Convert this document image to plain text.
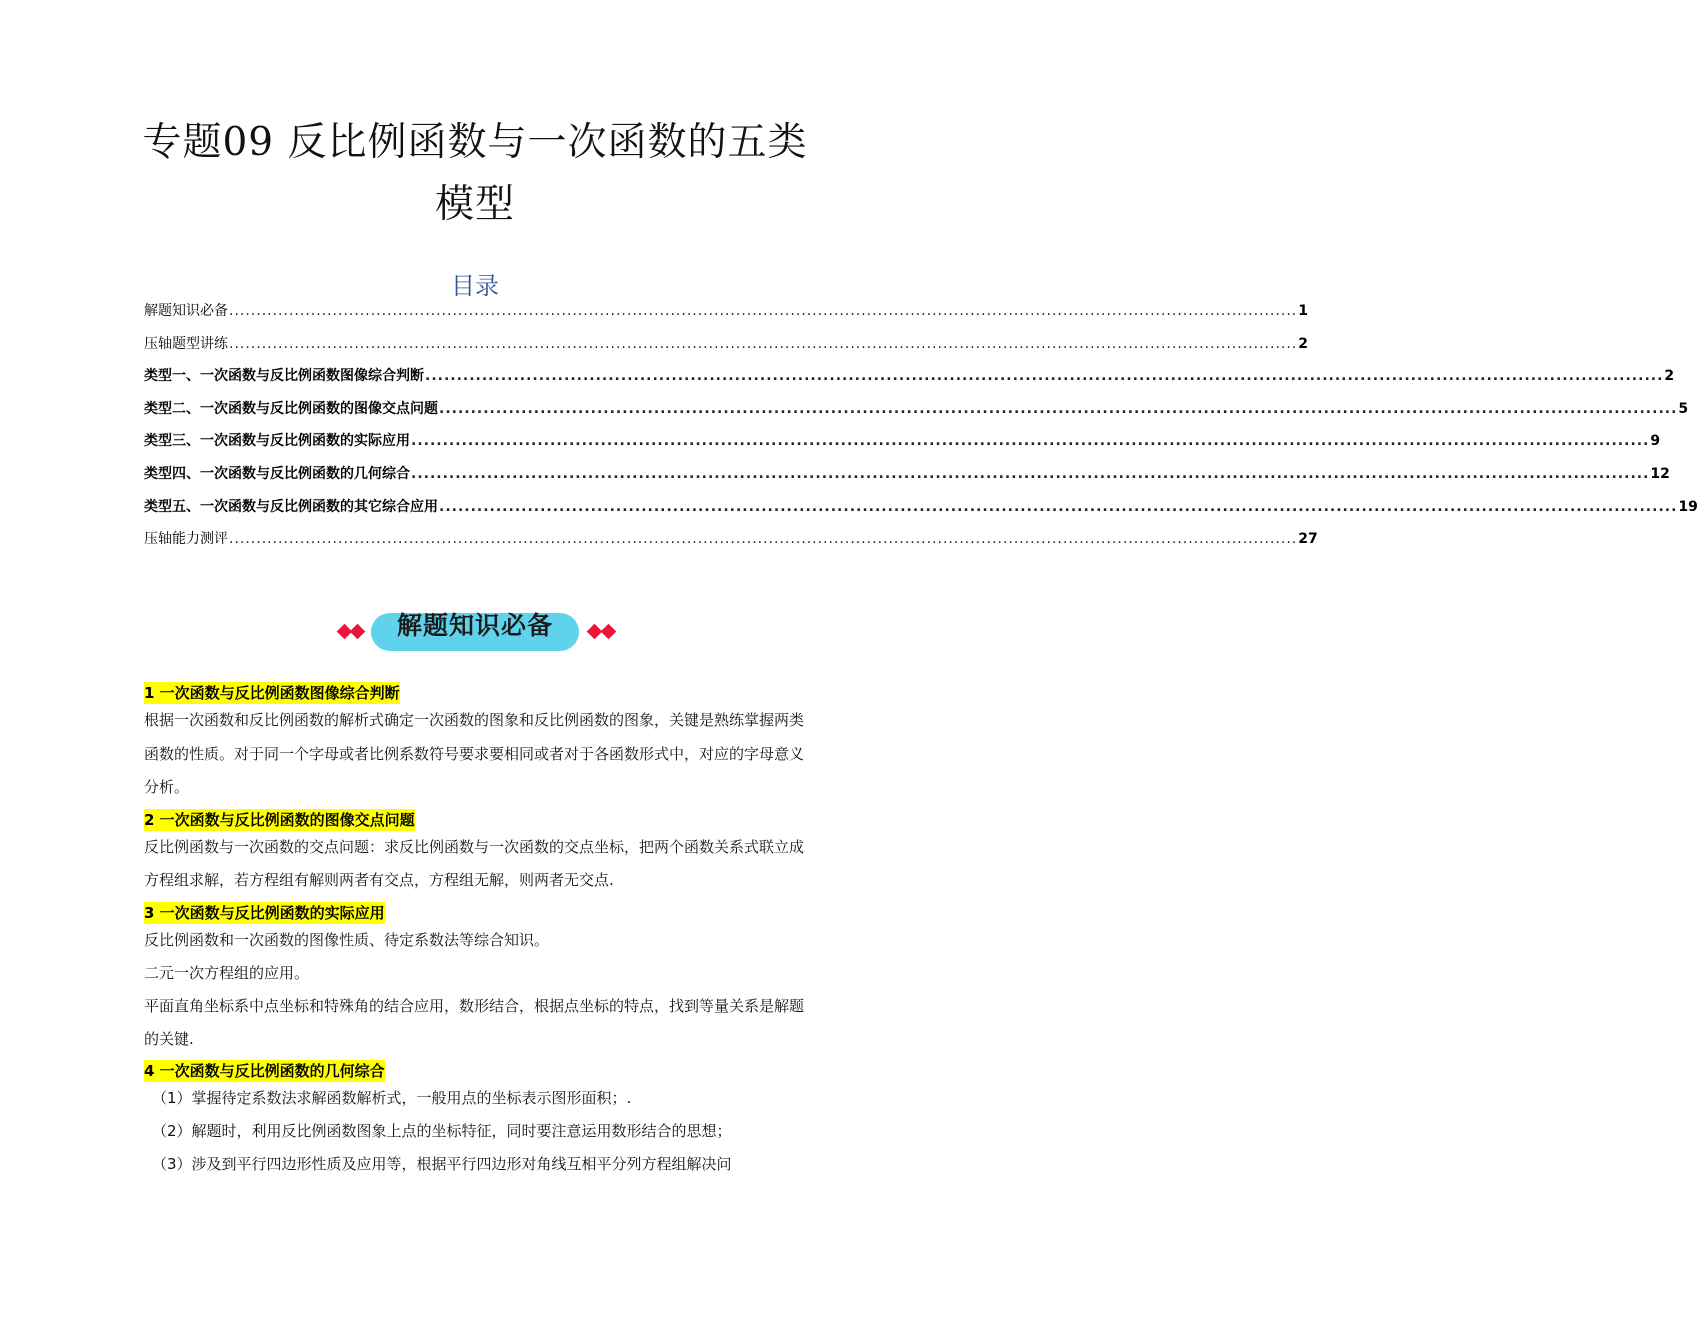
专题09 反比例函数与一次函数的五类
模型
目录
解题知识必备 .................................................................................................................................................................................................... 1
压轴题型讲练 .................................................................................................................................................................................................... 2
类型一、一次函数与反比例函数图像综合判断 .................................................................................................................................................................................................... 2
类型二、一次函数与反比例函数的图像交点问题 .................................................................................................................................................................................................... 5
类型三、一次函数与反比例函数的实际应用 .................................................................................................................................................................................................... 9
类型四、一次函数与反比例函数的几何综合 .................................................................................................................................................................................................... 12
类型五、一次函数与反比例函数的其它综合应用 .................................................................................................................................................................................................... 19
压轴能力测评 .................................................................................................................................................................................................... 27
解题知识必备
1 一次函数与反比例函数图像综合判断
根据一次函数和反比例函数的解析式确定一次函数的图象和反比例函数的图象，关键是熟练掌握两类函数的性质。对于同一个字母或者比例系数符号要求要相同或者对于各函数形式中，对应的字母意义分析。
2 一次函数与反比例函数的图像交点问题
反比例函数与一次函数的交点问题：求反比例函数与一次函数的交点坐标，把两个函数关系式联立成方程组求解，若方程组有解则两者有交点，方程组无解，则两者无交点.
3 一次函数与反比例函数的实际应用
反比例函数和一次函数的图像性质、待定系数法等综合知识。
二元一次方程组的应用。
平面直角坐标系中点坐标和特殊角的结合应用，数形结合，根据点坐标的特点，找到等量关系是解题的关键.
4 一次函数与反比例函数的几何综合
（1）掌握待定系数法求解函数解析式，一般用点的坐标表示图形面积；.
（2）解题时，利用反比例函数图象上点的坐标特征，同时要注意运用数形结合的思想；
（3）涉及到平行四边形性质及应用等，根据平行四边形对角线互相平分列方程组解决问
